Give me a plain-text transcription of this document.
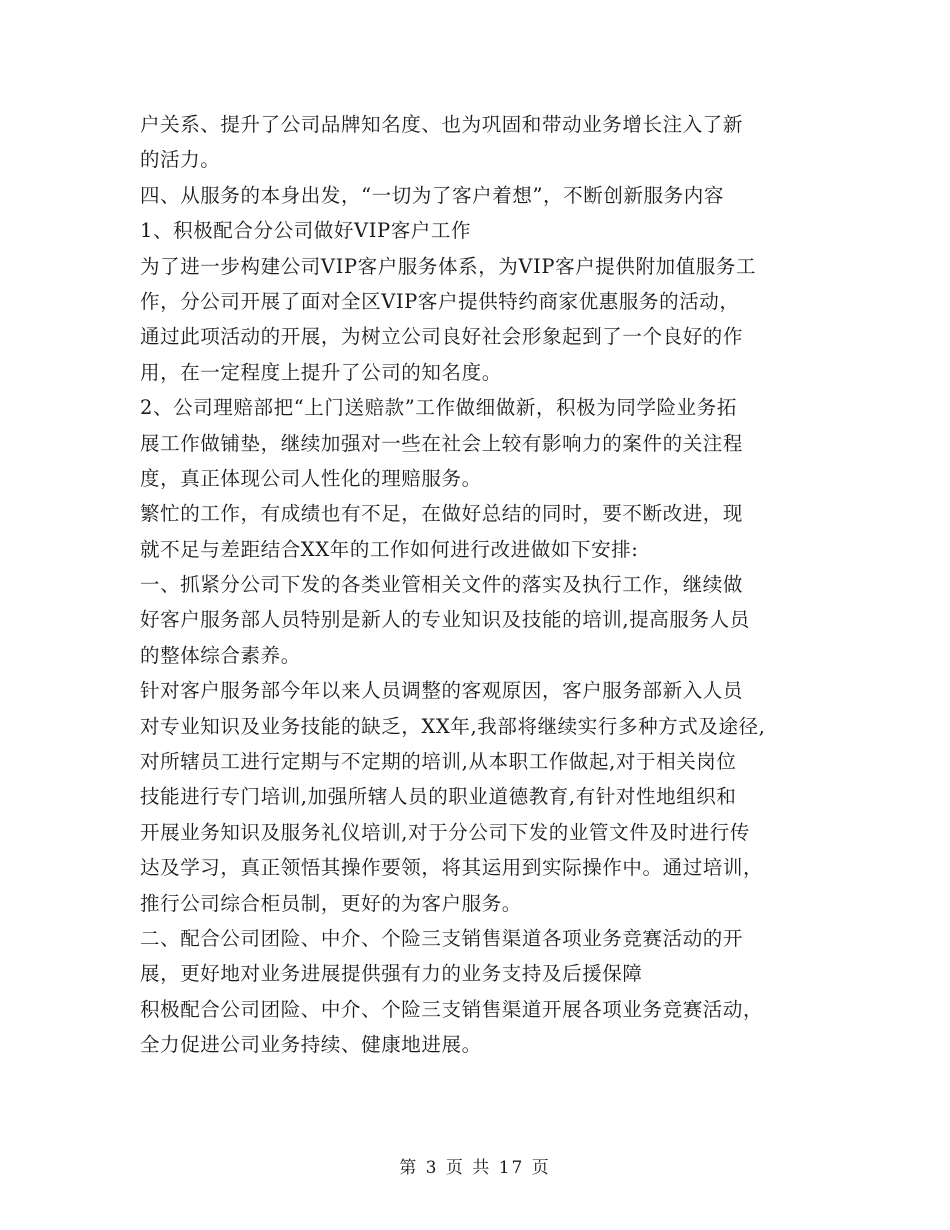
户关系、提升了公司品牌知名度、也为巩固和带动业务增长注入了新
的活力。
四、从服务的本身出发，“一切为了客户着想”，不断创新服务内容
1、积极配合分公司做好VIP客户工作
为了进一步构建公司VIP客户服务体系，为VIP客户提供附加值服务工
作，分公司开展了面对全区VIP客户提供特约商家优惠服务的活动，
通过此项活动的开展，为树立公司良好社会形象起到了一个良好的作
用，在一定程度上提升了公司的知名度。
2、公司理赔部把“上门送赔款”工作做细做新，积极为同学险业务拓
展工作做铺垫，继续加强对一些在社会上较有影响力的案件的关注程
度，真正体现公司人性化的理赔服务。
繁忙的工作，有成绩也有不足，在做好总结的同时，要不断改进，现
就不足与差距结合XX年的工作如何进行改进做如下安排:
一、抓紧分公司下发的各类业管相关文件的落实及执行工作，继续做
好客户服务部人员特别是新人的专业知识及技能的培训,提高服务人员
的整体综合素养。
针对客户服务部今年以来人员调整的客观原因，客户服务部新入人员
对专业知识及业务技能的缺乏，XX年,我部将继续实行多种方式及途径,
对所辖员工进行定期与不定期的培训,从本职工作做起,对于相关岗位
技能进行专门培训,加强所辖人员的职业道德教育,有针对性地组织和
开展业务知识及服务礼仪培训,对于分公司下发的业管文件及时进行传
达及学习，真正领悟其操作要领，将其运用到实际操作中。通过培训，
推行公司综合柜员制，更好的为客户服务。
二、配合公司团险、中介、个险三支销售渠道各项业务竞赛活动的开
展，更好地对业务进展提供强有力的业务支持及后援保障
积极配合公司团险、中介、个险三支销售渠道开展各项业务竞赛活动，
全力促进公司业务持续、健康地进展。
第 3 页 共 17 页
